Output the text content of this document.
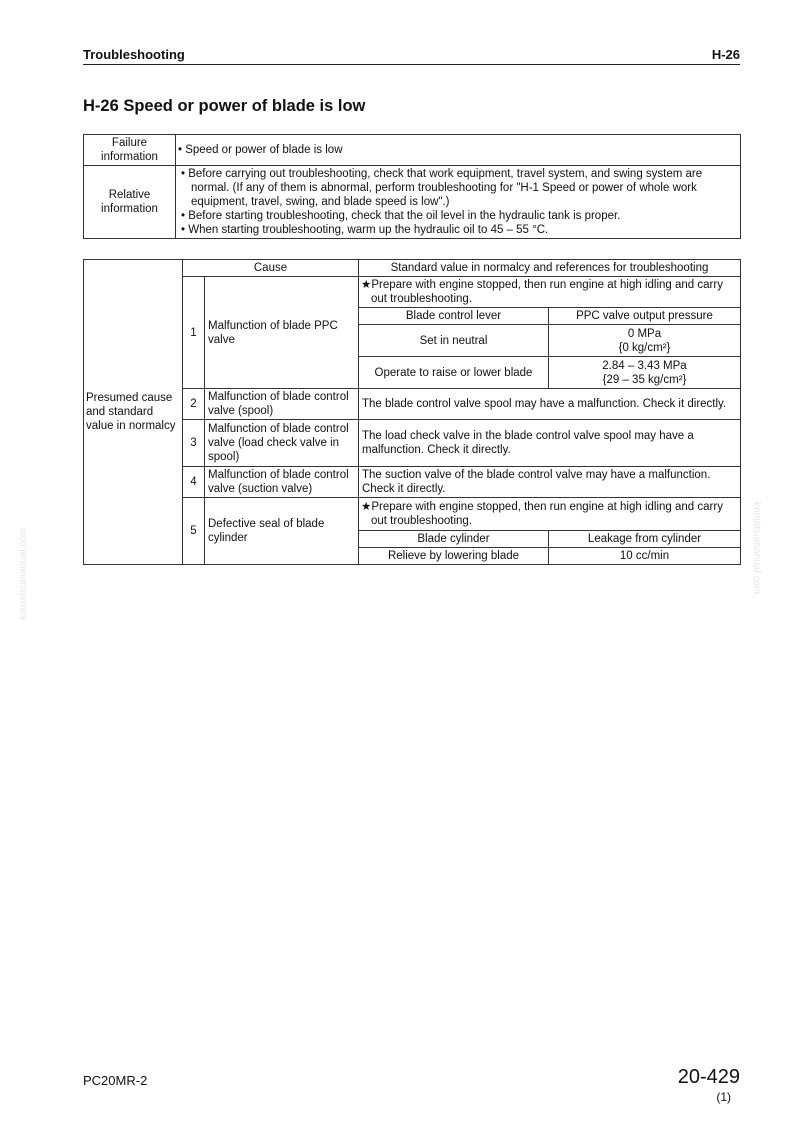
Troubleshooting	H-26
H-26 Speed or power of blade is low
komatsumanual.com	komatsumanual.com
Failure information	• Speed or power of blade is low
Relative information	• Before carrying out troubleshooting, check that work equipment, travel system, and swing system are normal. (If any of them is abnormal, perform troubleshooting for "H-1 Speed or power of whole work equipment, travel, swing, and blade speed is low".)
• Before starting troubleshooting, check that the oil level in the hydraulic tank is proper.
• When starting troubleshooting, warm up the hydraulic oil to 45 – 55 °C.
Presumed cause and standard value in normalcy	Cause		Standard value in normalcy and references for troubleshooting	
	1	Malfunction of blade PPC valve	★Prepare with engine stopped, then run engine at high idling and carry out troubleshooting.	
			Blade control lever	PPC valve output pressure
			Set in neutral	0 MPa
{0 kg/cm²}

			Operate to raise or lower blade	2.84 – 3.43 MPa
{29 – 35 kg/cm²}

	2	Malfunction of blade control valve (spool)	The blade control valve spool may have a malfunction. Check it directly.	
	3	Malfunction of blade control valve (load check valve in spool)	The load check valve in the blade control valve spool may have a malfunction. Check it directly.	
	4	Malfunction of blade control valve (suction valve)	The suction valve of the blade control valve may have a malfunction. Check it directly.	
	5	Defective seal of blade cylinder	★Prepare with engine stopped, then run engine at high idling and carry out troubleshooting.	
			Blade cylinder	Leakage from cylinder
			Relieve by lowering blade	10 cc/min
PC20MR-2	20-429
(1)
